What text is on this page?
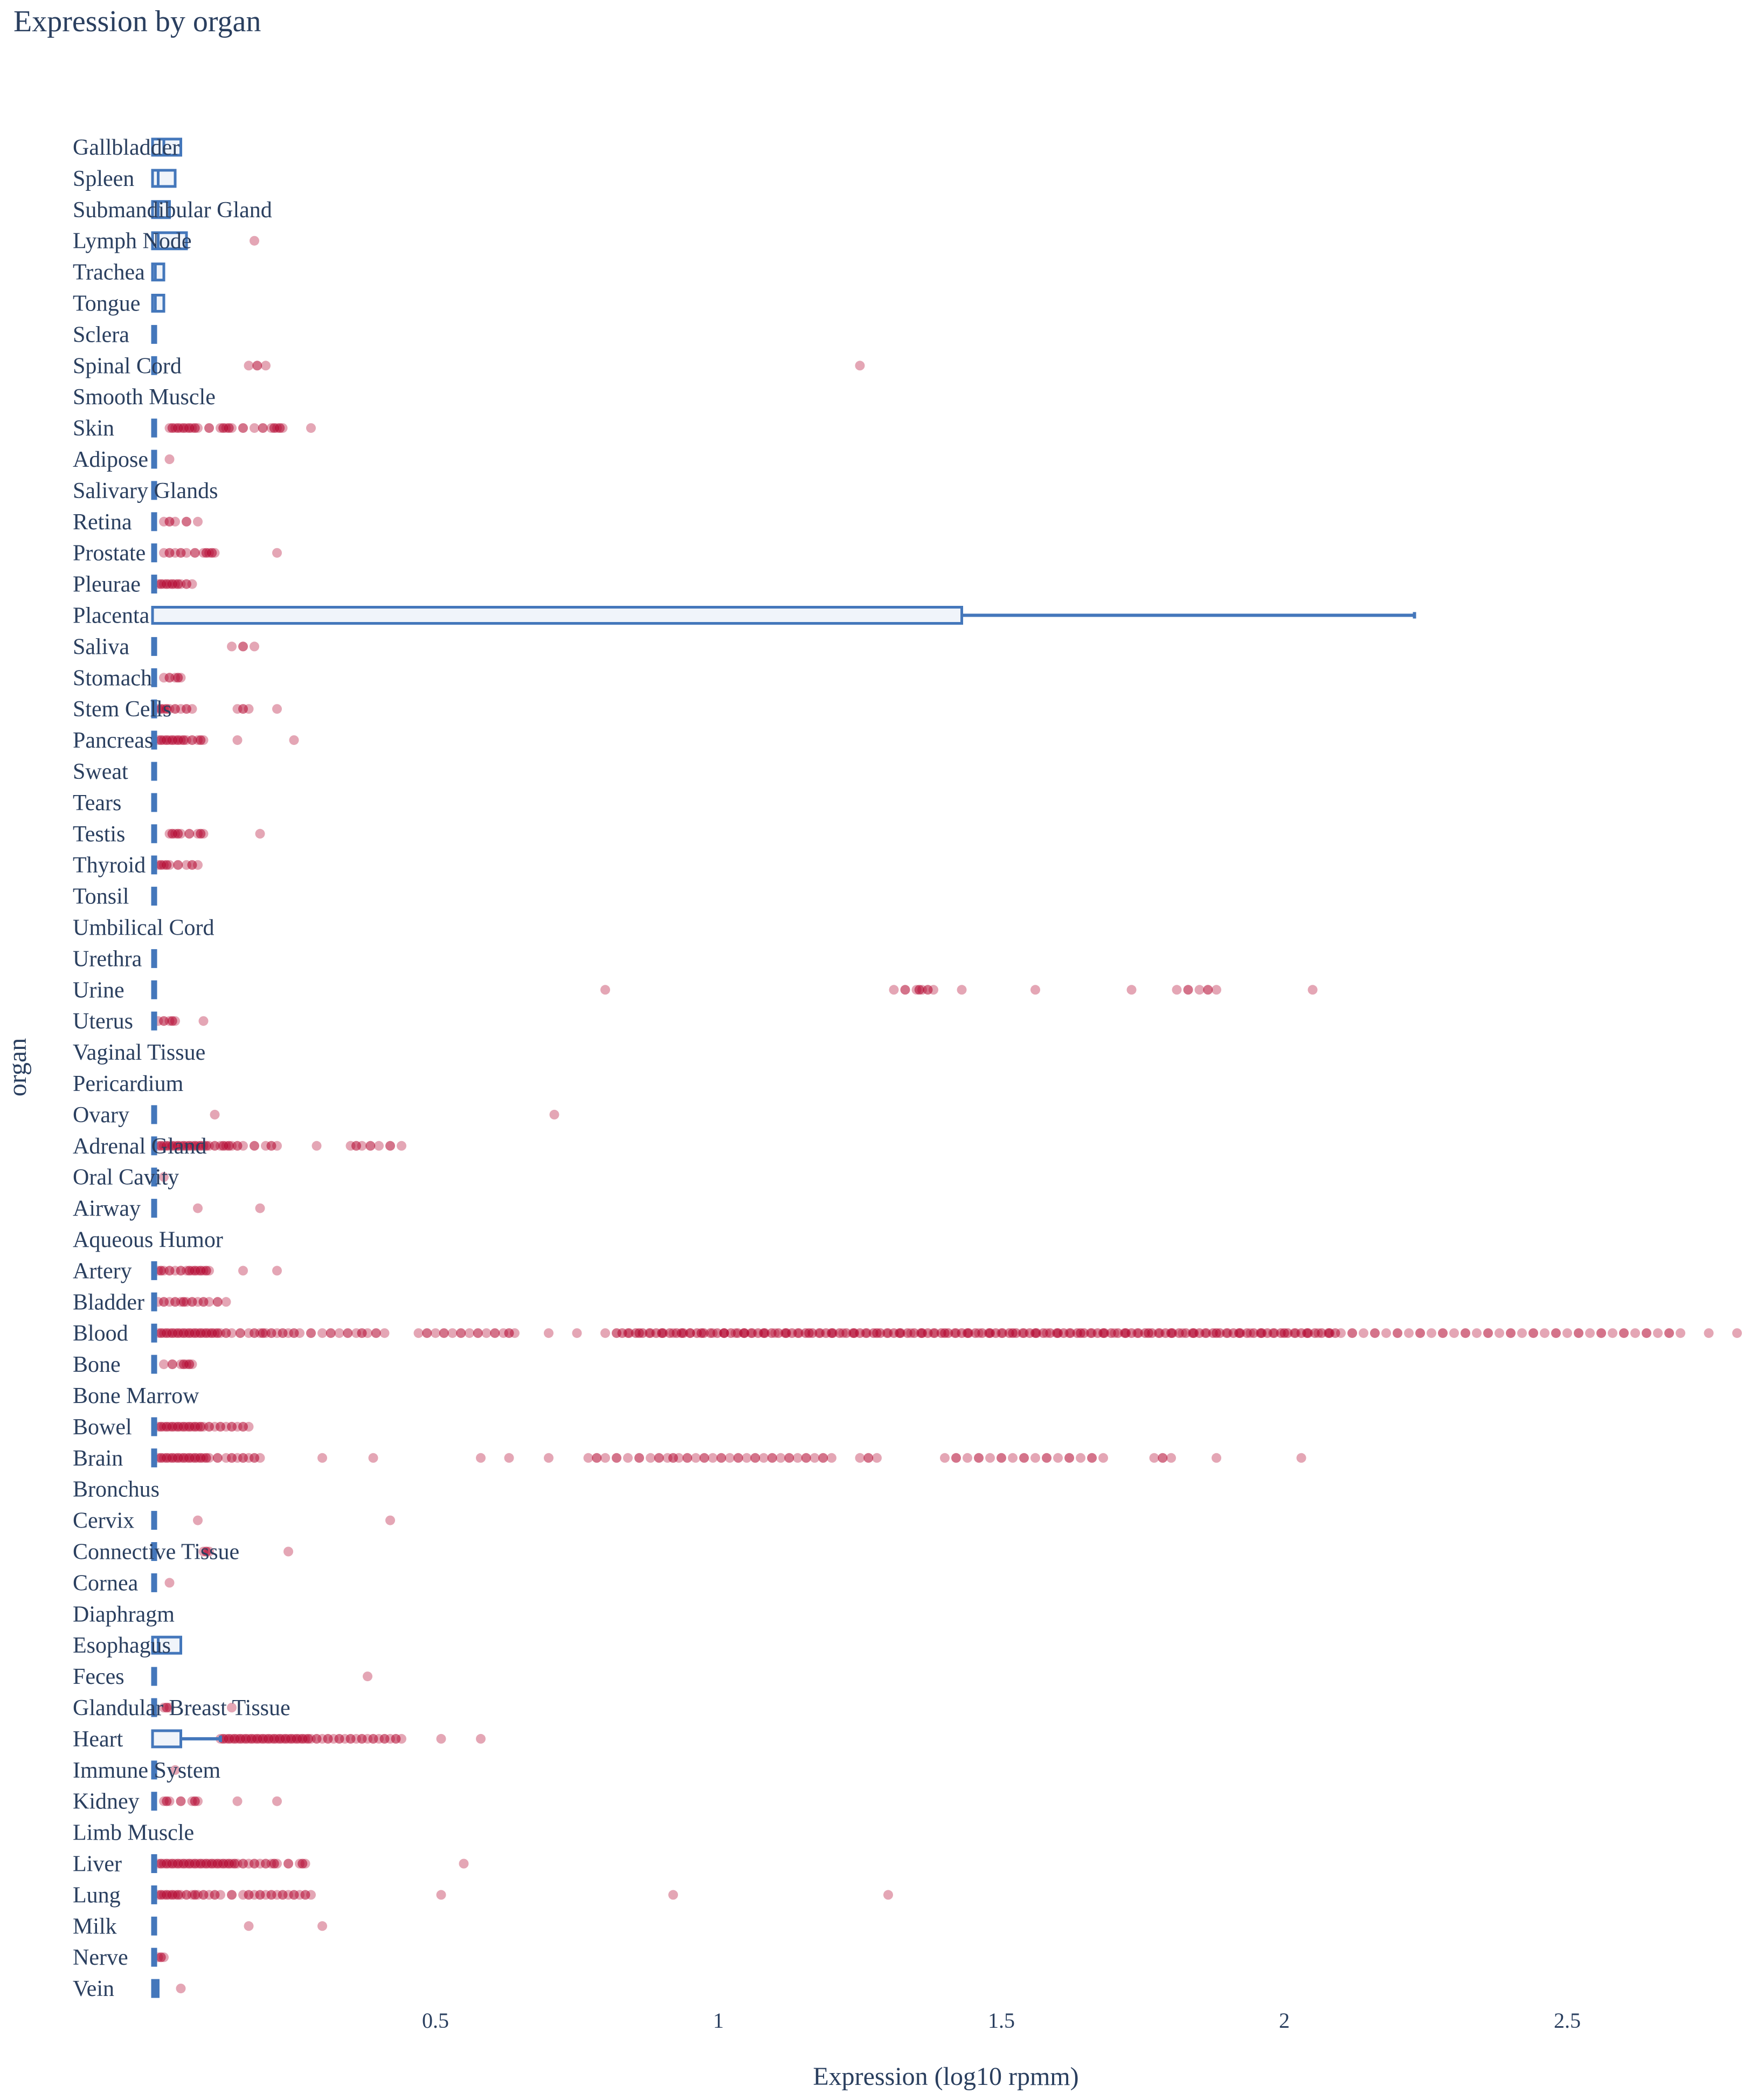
Expression by organ
Gallbladder
Spleen
Submandibular Gland
Lymph Node
Trachea
Tongue
Sclera
Spinal Cord
Smooth Muscle
Skin
Adipose
Salivary Glands
Retina
Prostate
Pleurae
Placenta
Saliva
Stomach
Stem Cells
Pancreas
Sweat
Tears
Testis
Thyroid
Tonsil
Umbilical Cord
Urethra
Urine
Uterus
Vaginal Tissue
Pericardium
Ovary
Adrenal Gland
Oral Cavity
Airway
Aqueous Humor
Artery
Bladder
Blood
Bone
Bone Marrow
Bowel
Brain
Bronchus
Cervix
Connective Tissue
Cornea
Diaphragm
Esophagus
Feces
Glandular Breast Tissue
Heart
Immune System
Kidney
Limb Muscle
Liver
Lung
Milk
Nerve
Vein
0.5	1	1.5	2	2.5
Expression (log10 rpmm)
organ
